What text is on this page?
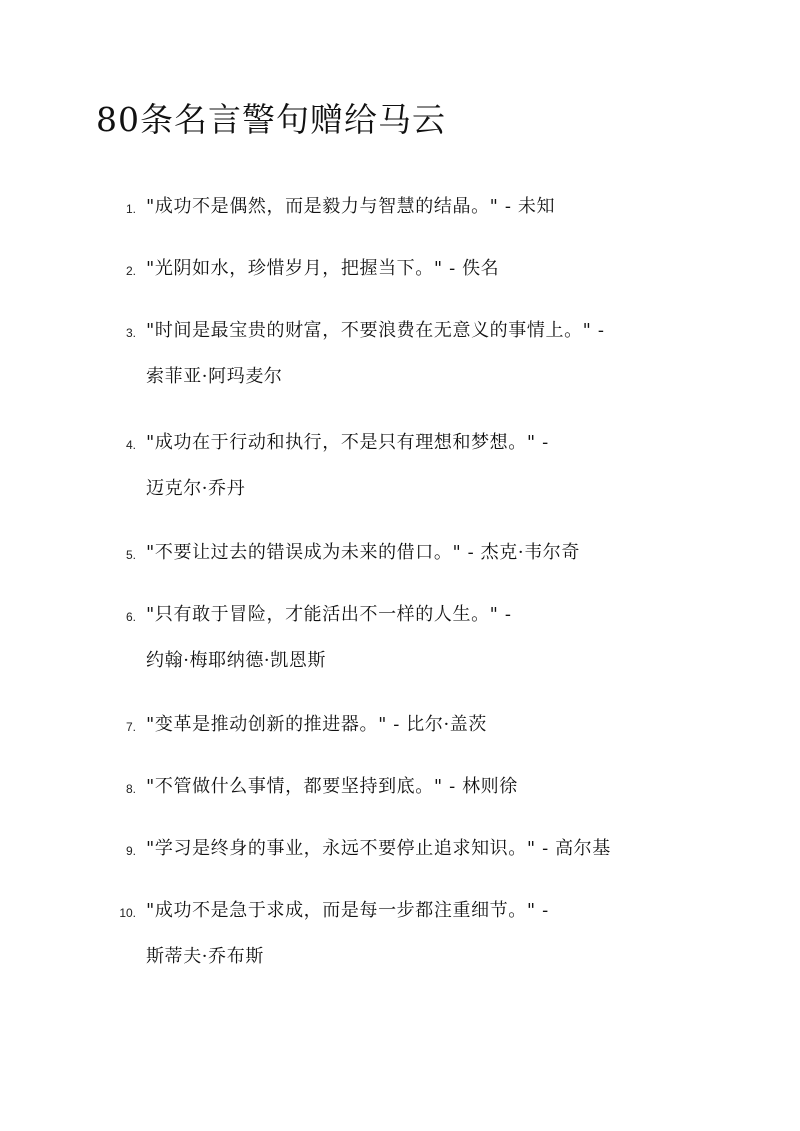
80条名言警句赠给马云
1. "成功不是偶然，而是毅力与智慧的结晶。" - 未知
2. "光阴如水，珍惜岁月，把握当下。" - 佚名
3. "时间是最宝贵的财富，不要浪费在无意义的事情上。" -
索菲亚·阿玛麦尔
4. "成功在于行动和执行，不是只有理想和梦想。" -
迈克尔·乔丹
5. "不要让过去的错误成为未来的借口。" - 杰克·韦尔奇
6. "只有敢于冒险，才能活出不一样的人生。" -
约翰·梅耶纳德·凯恩斯
7. "变革是推动创新的推进器。" - 比尔·盖茨
8. "不管做什么事情，都要坚持到底。" - 林则徐
9. "学习是终身的事业，永远不要停止追求知识。" - 高尔基
10. "成功不是急于求成，而是每一步都注重细节。" -
斯蒂夫·乔布斯
